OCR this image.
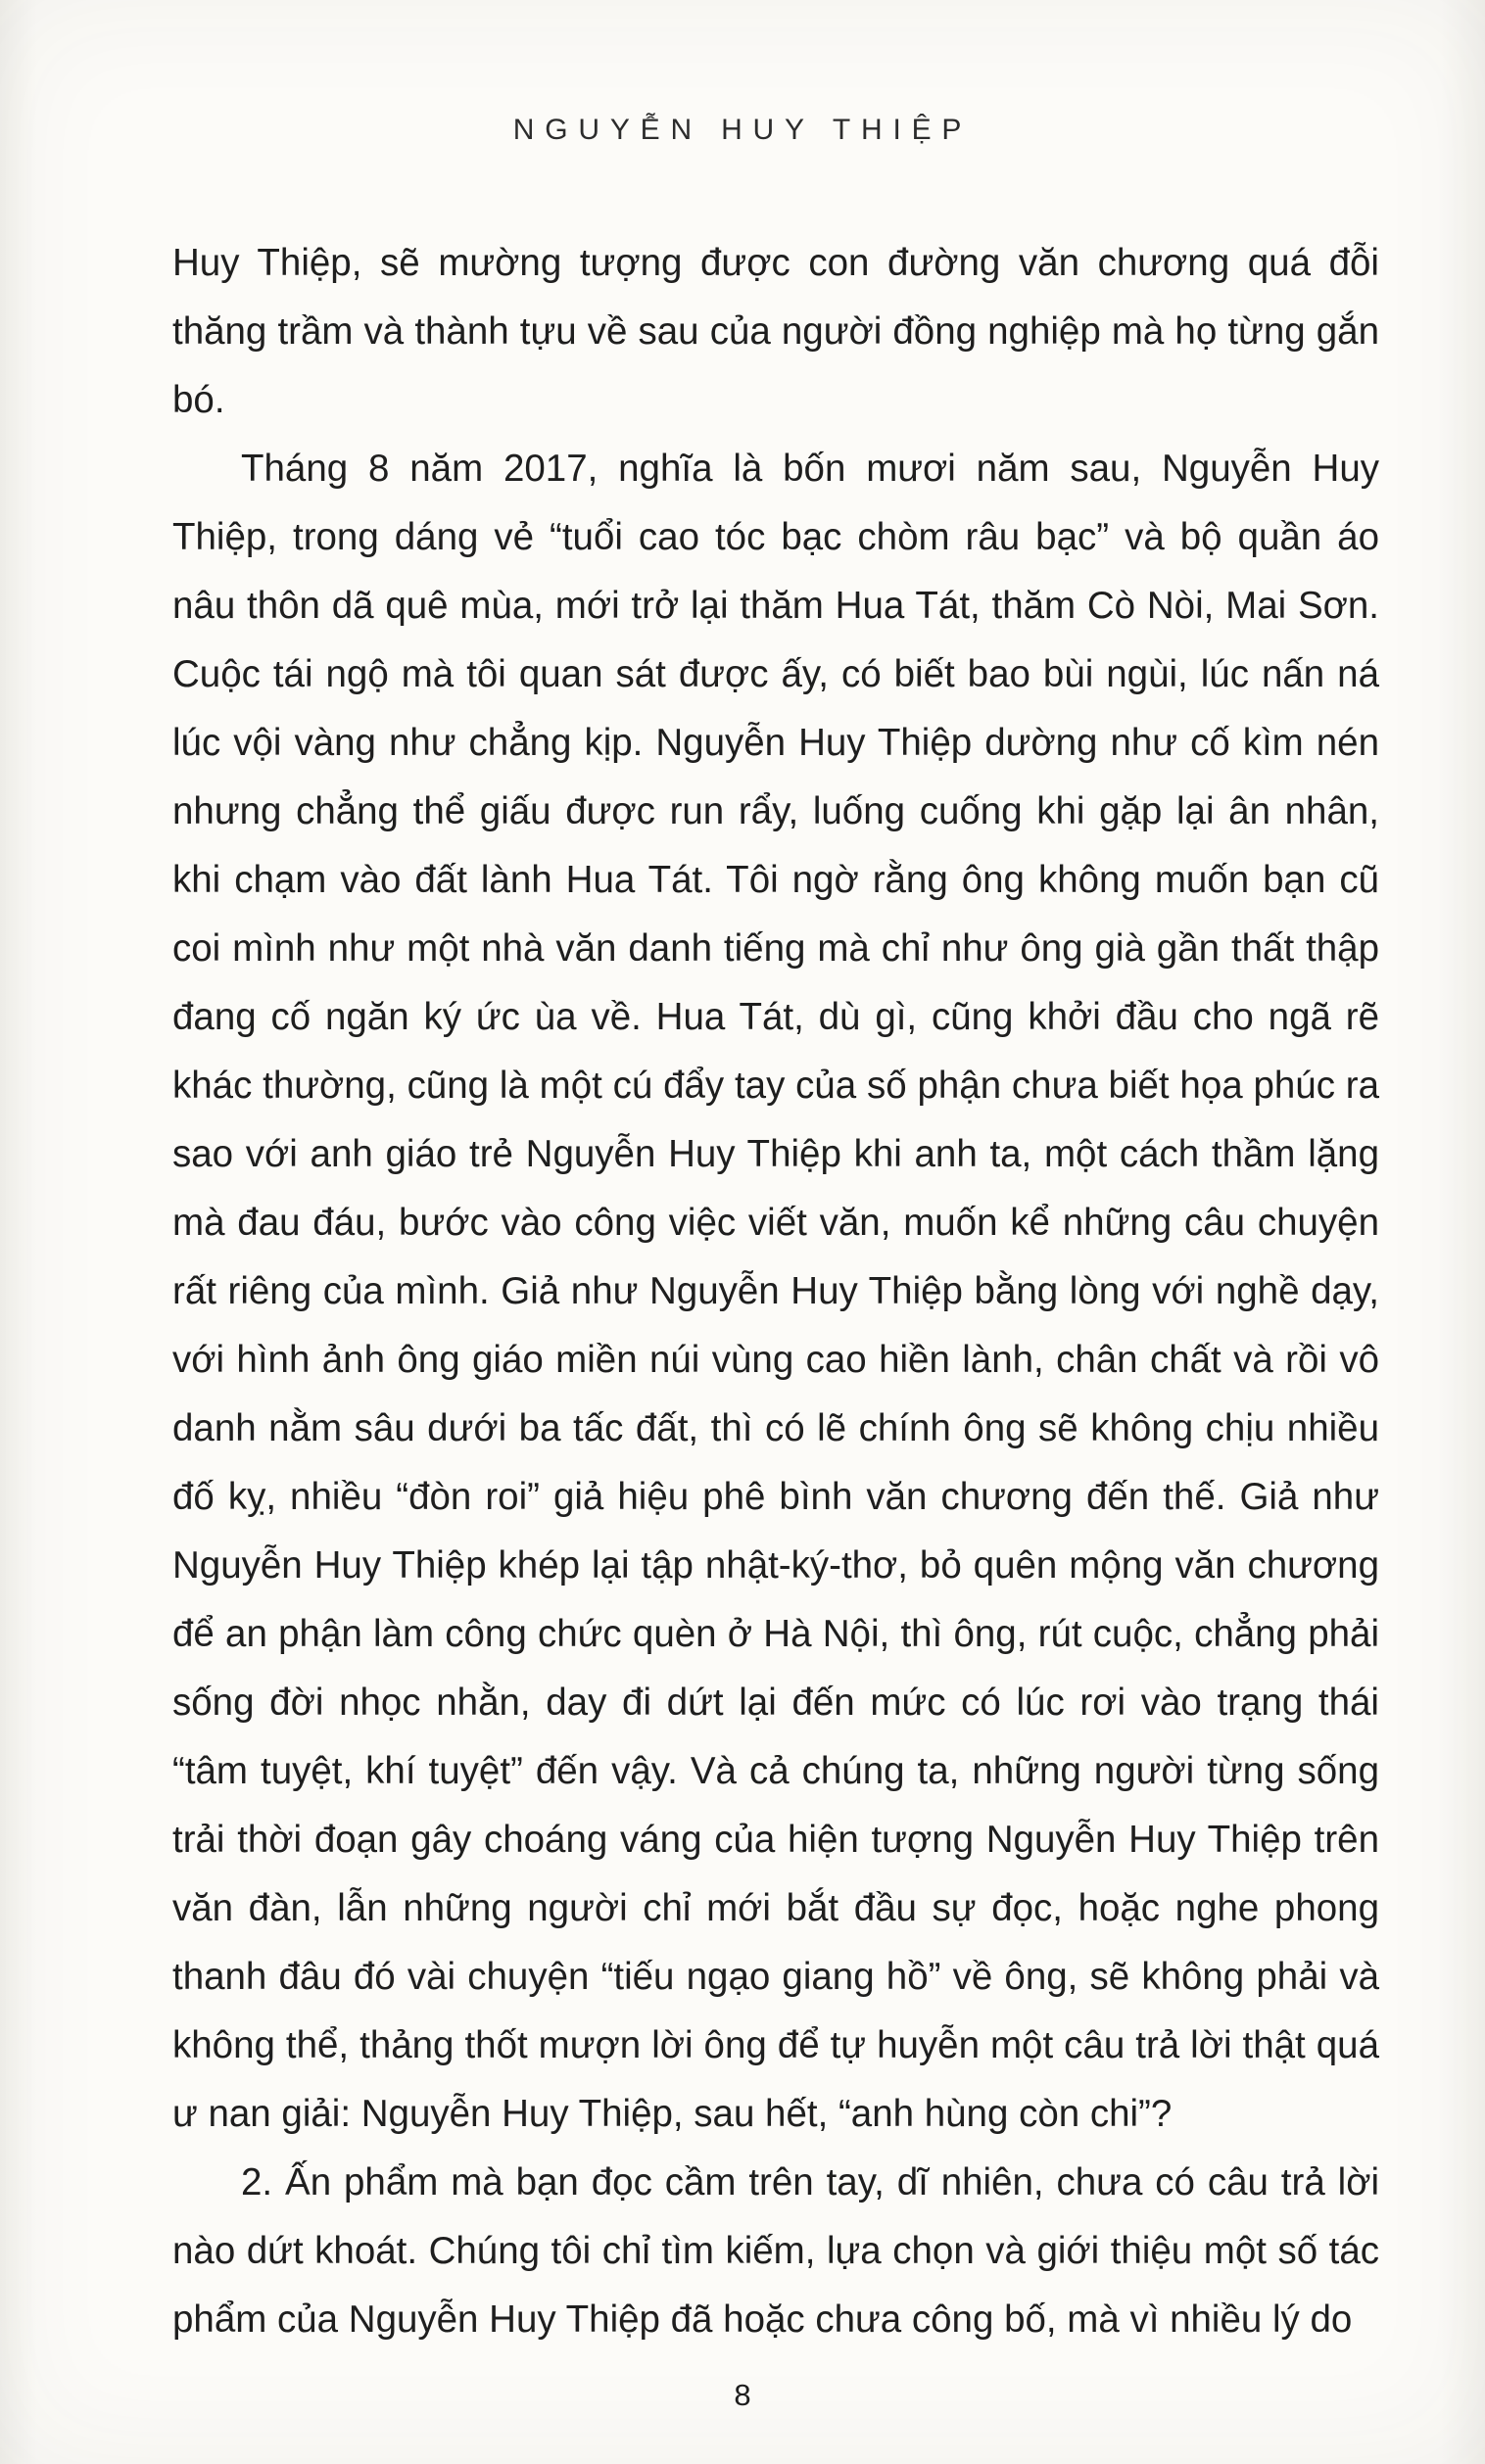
NGUYỄN HUY THIỆP

Huy Thiệp, sẽ mường tượng được con đường văn chương quá đỗi thăng trầm và thành tựu về sau của người đồng nghiệp mà họ từng gắn bó.

Tháng 8 năm 2017, nghĩa là bốn mươi năm sau, Nguyễn Huy Thiệp, trong dáng vẻ “tuổi cao tóc bạc chòm râu bạc” và bộ quần áo nâu thôn dã quê mùa, mới trở lại thăm Hua Tát, thăm Cò Nòi, Mai Sơn. Cuộc tái ngộ mà tôi quan sát được ấy, có biết bao bùi ngùi, lúc nấn ná lúc vội vàng như chẳng kịp. Nguyễn Huy Thiệp dường như cố kìm nén nhưng chẳng thể giấu được run rẩy, luống cuống khi gặp lại ân nhân, khi chạm vào đất lành Hua Tát. Tôi ngờ rằng ông không muốn bạn cũ coi mình như một nhà văn danh tiếng mà chỉ như ông già gần thất thập đang cố ngăn ký ức ùa về. Hua Tát, dù gì, cũng khởi đầu cho ngã rẽ khác thường, cũng là một cú đẩy tay của số phận chưa biết họa phúc ra sao với anh giáo trẻ Nguyễn Huy Thiệp khi anh ta, một cách thầm lặng mà đau đáu, bước vào công việc viết văn, muốn kể những câu chuyện rất riêng của mình. Giả như Nguyễn Huy Thiệp bằng lòng với nghề dạy, với hình ảnh ông giáo miền núi vùng cao hiền lành, chân chất và rồi vô danh nằm sâu dưới ba tấc đất, thì có lẽ chính ông sẽ không chịu nhiều đố kỵ, nhiều “đòn roi” giả hiệu phê bình văn chương đến thế. Giả như Nguyễn Huy Thiệp khép lại tập nhật-ký-thơ, bỏ quên mộng văn chương để an phận làm công chức quèn ở Hà Nội, thì ông, rút cuộc, chẳng phải sống đời nhọc nhằn, day đi dứt lại đến mức có lúc rơi vào trạng thái “tâm tuyệt, khí tuyệt” đến vậy. Và cả chúng ta, những người từng sống trải thời đoạn gây choáng váng của hiện tượng Nguyễn Huy Thiệp trên văn đàn, lẫn những người chỉ mới bắt đầu sự đọc, hoặc nghe phong thanh đâu đó vài chuyện “tiếu ngạo giang hồ” về ông, sẽ không phải và không thể, thảng thốt mượn lời ông để tự huyễn một câu trả lời thật quá ư nan giải: Nguyễn Huy Thiệp, sau hết, “anh hùng còn chi”?

2. Ấn phẩm mà bạn đọc cầm trên tay, dĩ nhiên, chưa có câu trả lời nào dứt khoát. Chúng tôi chỉ tìm kiếm, lựa chọn và giới thiệu một số tác phẩm của Nguyễn Huy Thiệp đã hoặc chưa công bố, mà vì nhiều lý do

8
